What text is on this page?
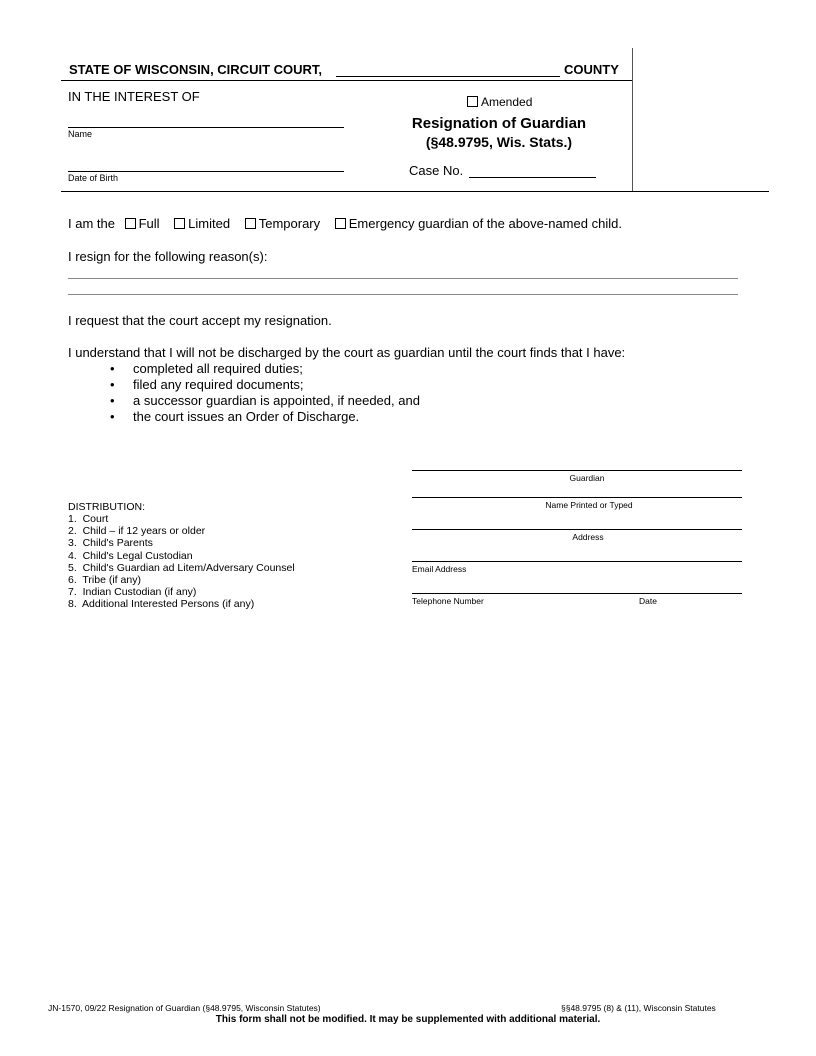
STATE OF WISCONSIN, CIRCUIT COURT,	COUNTY
IN THE INTEREST OF
Name
Date of Birth
Amended
Resignation of Guardian
(§48.9795, Wis. Stats.)
Case No.
I am the Full Limited Temporary Emergency guardian of the above-named child.
I resign for the following reason(s):
I request that the court accept my resignation.
I understand that I will not be discharged by the court as guardian until the court finds that I have:
• completed all required duties;
• filed any required documents;
• a successor guardian is appointed, if needed, and
• the court issues an Order of Discharge.
Guardian
Name Printed or Typed
Address
Email Address
Telephone Number	Date
DISTRIBUTION:
1.  Court
2.  Child – if 12 years or older
3.  Child's Parents
4.  Child's Legal Custodian
5.  Child's Guardian ad Litem/Adversary Counsel
6.  Tribe (if any)
7.  Indian Custodian (if any)
8.  Additional Interested Persons (if any)
JN-1570, 09/22 Resignation of Guardian (§48.9795, Wisconsin Statutes)	§§48.9795 (8) & (11), Wisconsin Statutes
This form shall not be modified. It may be supplemented with additional material.
